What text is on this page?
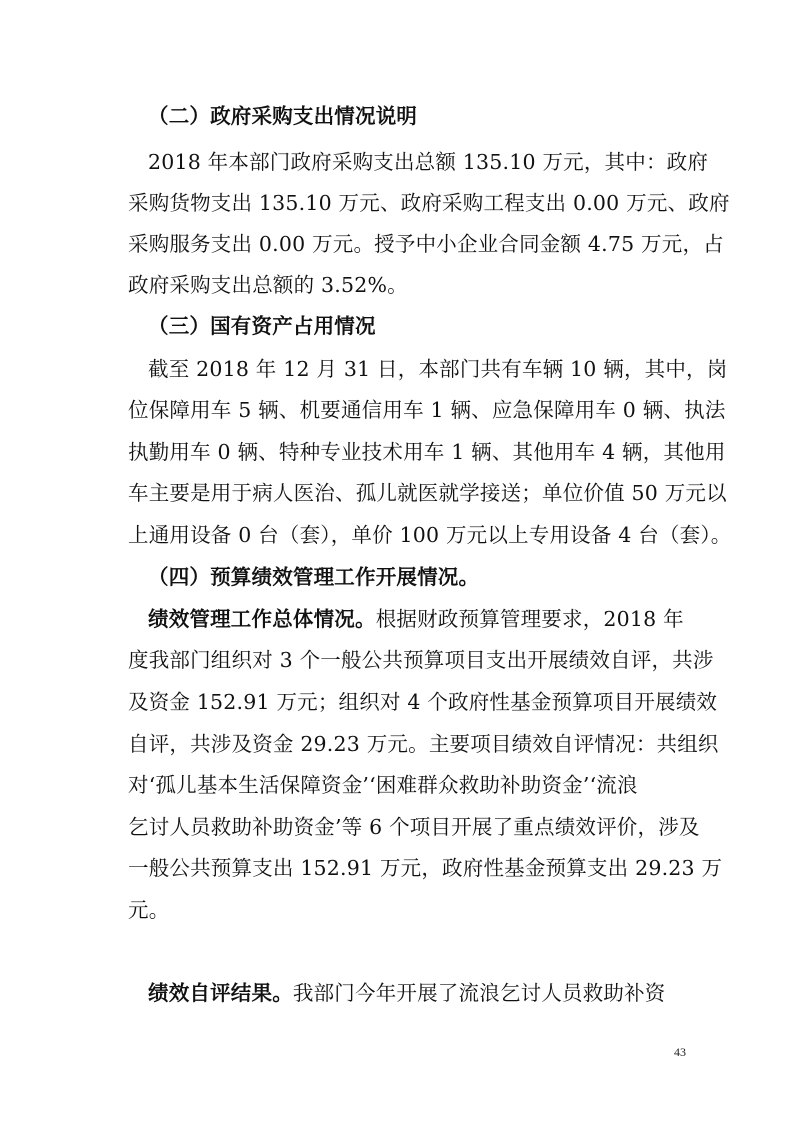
（二）政府采购支出情况说明
2018 年本部门政府采购支出总额 135.10 万元，其中：政府
采购货物支出 135.10 万元、政府采购工程支出 0.00 万元、政府
采购服务支出 0.00 万元。授予中小企业合同金额 4.75 万元，占
政府采购支出总额的 3.52%。
（三）国有资产占用情况
截至 2018 年 12 月 31 日，本部门共有车辆 10 辆，其中，岗
位保障用车 5 辆、机要通信用车 1 辆、应急保障用车 0 辆、执法
执勤用车 0 辆、特种专业技术用车 1 辆、其他用车 4 辆，其他用
车主要是用于病人医治、孤儿就医就学接送；单位价值 50 万元以
上通用设备 0 台（套），单价 100 万元以上专用设备 4 台（套）。
（四）预算绩效管理工作开展情况。
绩效管理工作总体情况。根据财政预算管理要求，2018 年
度我部门组织对 3 个一般公共预算项目支出开展绩效自评，共涉
及资金 152.91 万元；组织对 4 个政府性基金预算项目开展绩效
自评，共涉及资金 29.23 万元。主要项目绩效自评情况：共组织
对‘孤儿基本生活保障资金’‘困难群众救助补助资金’‘流浪
乞讨人员救助补助资金’等 6 个项目开展了重点绩效评价，涉及
一般公共预算支出 152.91 万元，政府性基金预算支出 29.23 万
元。
绩效自评结果。我部门今年开展了流浪乞讨人员救助补资
43
